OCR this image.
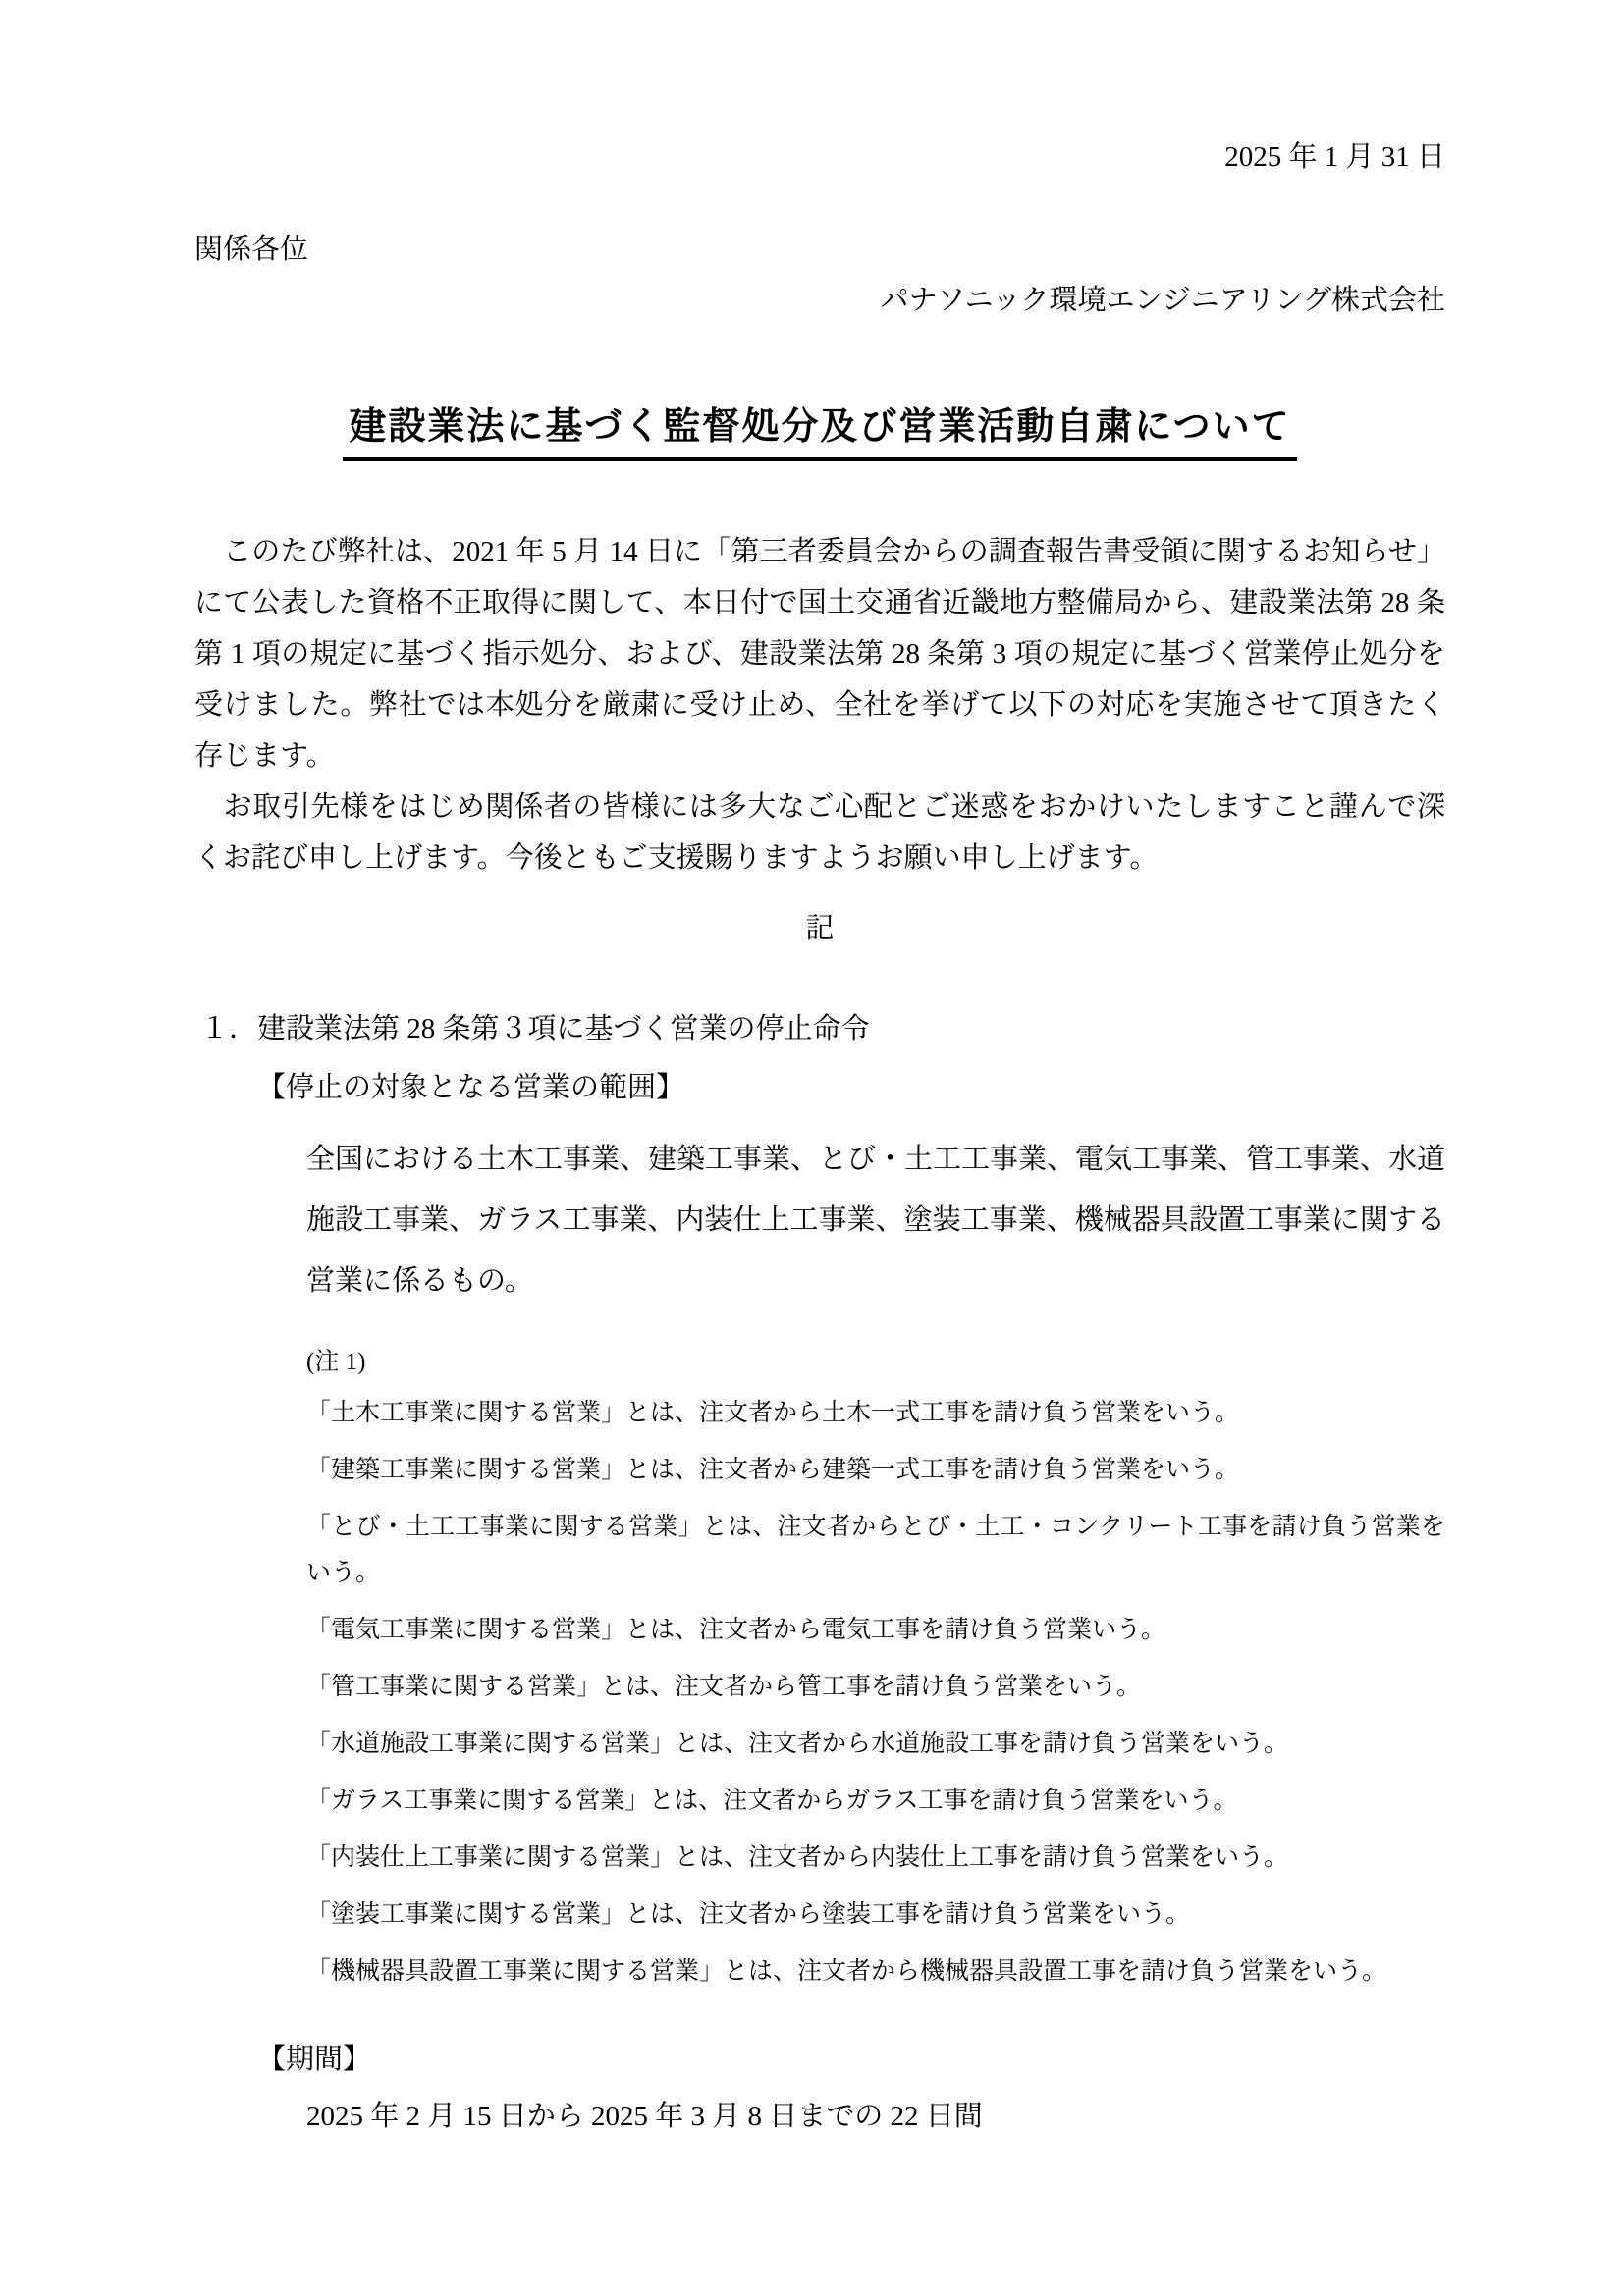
2025 年 1 月 31 日

関係各位

パナソニック環境エンジニアリング株式会社

建設業法に基づく監督処分及び営業活動自粛について

　このたび弊社は、2021 年 5 月 14 日に「第三者委員会からの調査報告書受領に関するお知らせ」にて公表した資格不正取得に関して、本日付で国土交通省近畿地方整備局から、建設業法第 28 条第 1 項の規定に基づく指示処分、および、建設業法第 28 条第 3 項の規定に基づく営業停止処分を受けました。弊社では本処分を厳粛に受け止め、全社を挙げて以下の対応を実施させて頂きたく存じます。

　お取引先様をはじめ関係者の皆様には多大なご心配とご迷惑をおかけいたしますこと謹んで深くお詫び申し上げます。今後ともご支援賜りますようお願い申し上げます。

記

１．建設業法第 28 条第３項に基づく営業の停止命令

【停止の対象となる営業の範囲】

全国における土木工事業、建築工事業、とび・土工工事業、電気工事業、管工事業、水道施設工事業、ガラス工事業、内装仕上工事業、塗装工事業、機械器具設置工事業に関する営業に係るもの。

(注 1)

「土木工事業に関する営業」とは、注文者から土木一式工事を請け負う営業をいう。

「建築工事業に関する営業」とは、注文者から建築一式工事を請け負う営業をいう。

「とび・土工工事業に関する営業」とは、注文者からとび・土工・コンクリート工事を請け負う営業をいう。

「電気工事業に関する営業」とは、注文者から電気工事を請け負う営業いう。

「管工事業に関する営業」とは、注文者から管工事を請け負う営業をいう。

「水道施設工事業に関する営業」とは、注文者から水道施設工事を請け負う営業をいう。

「ガラス工事業に関する営業」とは、注文者からガラス工事を請け負う営業をいう。

「内装仕上工事業に関する営業」とは、注文者から内装仕上工事を請け負う営業をいう。

「塗装工事業に関する営業」とは、注文者から塗装工事を請け負う営業をいう。

「機械器具設置工事業に関する営業」とは、注文者から機械器具設置工事を請け負う営業をいう。

【期間】

2025 年 2 月 15 日から 2025 年 3 月 8 日までの 22 日間
